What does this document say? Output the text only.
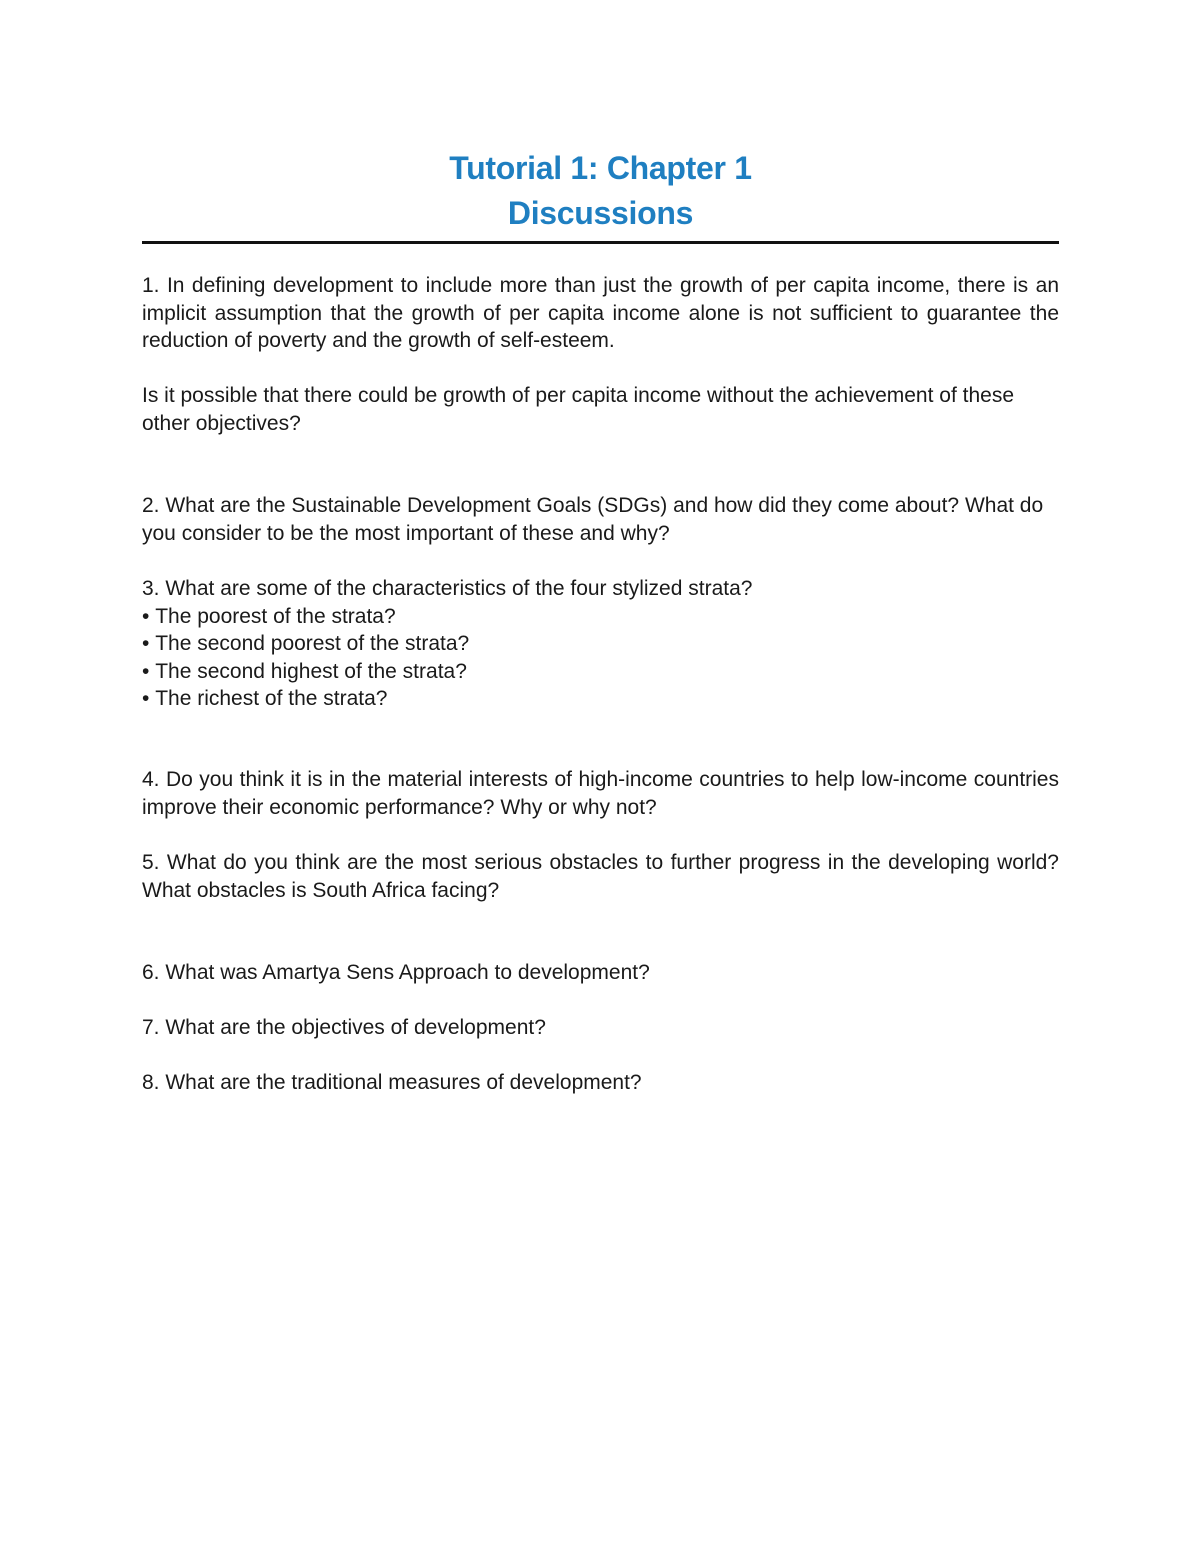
Tutorial 1: Chapter 1
Discussions

1. In defining development to include more than just the growth of per capita income, there is an implicit assumption that the growth of per capita income alone is not sufficient to guarantee the reduction of poverty and the growth of self-esteem.

Is it possible that there could be growth of per capita income without the achievement of these other objectives?

2. What are the Sustainable Development Goals (SDGs) and how did they come about? What do you consider to be the most important of these and why?

3. What are some of the characteristics of the four stylized strata?
• The poorest of the strata?
• The second poorest of the strata?
• The second highest of the strata?
• The richest of the strata?

4. Do you think it is in the material interests of high-income countries to help low-income countries improve their economic performance? Why or why not?

5. What do you think are the most serious obstacles to further progress in the developing world? What obstacles is South Africa facing?

6. What was Amartya Sens Approach to development?

7. What are the objectives of development?

8. What are the traditional measures of development?
